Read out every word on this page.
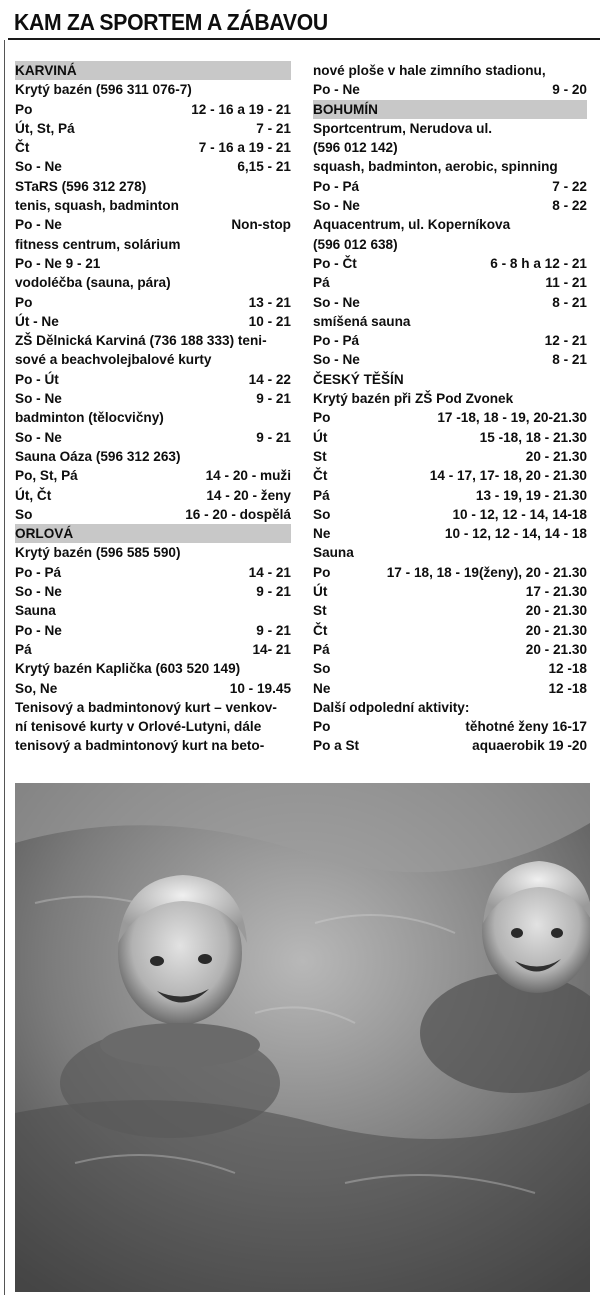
KAM ZA SPORTEM A ZÁBAVOU
KARVINÁ
Krytý bazén (596 311 076-7)
Po	12 - 16 a 19 - 21
Út, St, Pá	7 - 21
Čt	7 - 16 a 19 - 21
So - Ne	6,15 - 21
STaRS (596 312 278)
tenis, squash, badminton
Po - Ne	Non-stop
fitness centrum, solárium
Po - Ne 9 - 21
vodoléčba (sauna, pára)
Po	13 - 21
Út - Ne	10 - 21
ZŠ Dělnická Karviná (736 188 333) teni-
sové a beachvolejbalové kurty
Po - Út	14 - 22
So - Ne	9 - 21
badminton (tělocvičny)
So - Ne	9 - 21
Sauna Oáza (596 312 263)
Po, St, Pá	14 - 20 - muži
Út, Čt	14 - 20 - ženy
So	16 - 20 - dospělá
ORLOVÁ
Krytý bazén (596 585 590)
Po - Pá	14 - 21
So - Ne	9 - 21
Sauna
Po - Ne	9 - 21
Pá	14- 21
Krytý bazén Kaplička (603 520 149)
So, Ne	10 - 19.45
Tenisový a badmintonový kurt – venkov-
ní tenisové kurty v Orlové-Lutyni, dále
tenisový a badmintonový kurt na beto-
nové ploše v hale zimního stadionu,
Po - Ne	9 - 20
BOHUMÍN
Sportcentrum, Nerudova ul.
(596 012 142)
squash, badminton, aerobic, spinning
Po - Pá	7 - 22
So - Ne	8 - 22
Aquacentrum, ul. Koperníkova
(596 012 638)
Po - Čt	6 - 8 h a 12 - 21
Pá	11 - 21
So - Ne	8 - 21
smíšená sauna
Po - Pá	12 - 21
So - Ne	8 - 21
ČESKÝ TĚŠÍN
Krytý bazén při ZŠ Pod Zvonek
Po	17 -18, 18 - 19, 20-21.30
Út	15 -18, 18 - 21.30
St	20 - 21.30
Čt	14 - 17, 17- 18, 20 - 21.30
Pá	13 - 19, 19 - 21.30
So	10 - 12, 12 - 14, 14-18
Ne	10 - 12, 12 - 14, 14 - 18
Sauna
Po	17 - 18, 18 - 19(ženy), 20 - 21.30
Út	17 - 21.30
St	20 - 21.30
Čt	20 - 21.30
Pá	20 - 21.30
So	12 -18
Ne	12 -18
Další odpolední aktivity:
Po	těhotné ženy 16-17
Po a St	aquaerobik 19 -20
